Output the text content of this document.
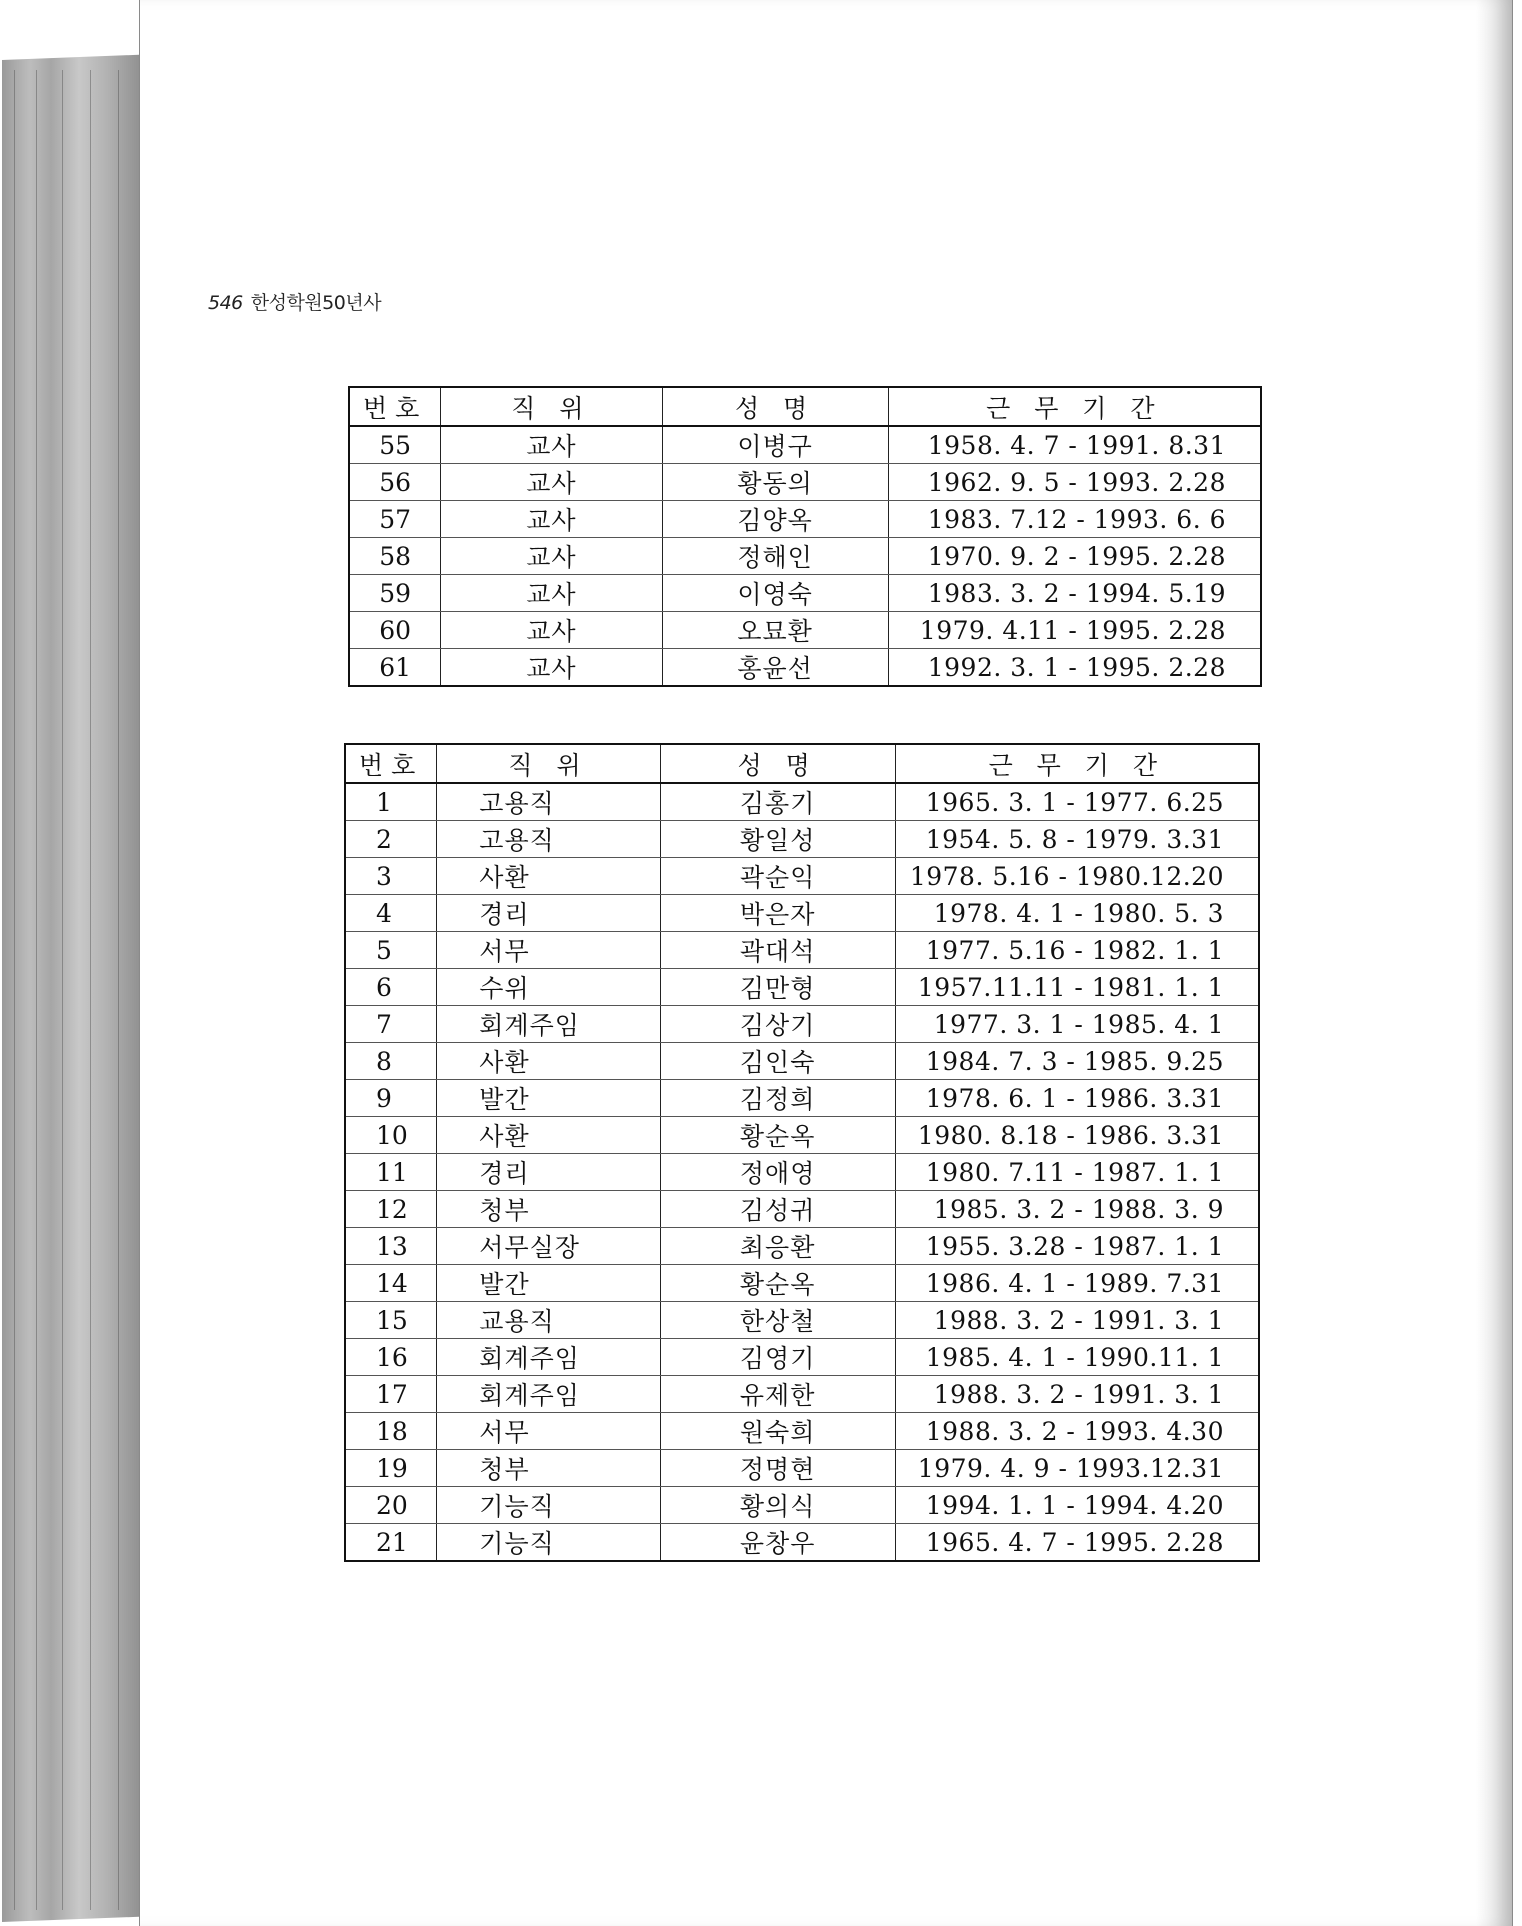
546 한성학원50년사
번호	직 위	성 명	근 무 기 간
55	교사	이병구	1958. 4. 7 - 1991. 8.31
56	교사	황동의	1962. 9. 5 - 1993. 2.28
57	교사	김양옥	1983. 7.12 - 1993. 6. 6
58	교사	정해인	1970. 9. 2 - 1995. 2.28
59	교사	이영숙	1983. 3. 2 - 1994. 5.19
60	교사	오묘환	1979. 4.11 - 1995. 2.28
61	교사	홍윤선	1992. 3. 1 - 1995. 2.28
번호	직 위	성 명	근 무 기 간
1	고용직	김홍기	1965. 3. 1 - 1977. 6.25
2	고용직	황일성	1954. 5. 8 - 1979. 3.31
3	사환	곽순익	1978. 5.16 - 1980.12.20
4	경리	박은자	1978. 4. 1 - 1980. 5. 3
5	서무	곽대석	1977. 5.16 - 1982. 1. 1
6	수위	김만형	1957.11.11 - 1981. 1. 1
7	회계주임	김상기	1977. 3. 1 - 1985. 4. 1
8	사환	김인숙	1984. 7. 3 - 1985. 9.25
9	발간	김정희	1978. 6. 1 - 1986. 3.31
10	사환	황순옥	1980. 8.18 - 1986. 3.31
11	경리	정애영	1980. 7.11 - 1987. 1. 1
12	청부	김성귀	1985. 3. 2 - 1988. 3. 9
13	서무실장	최응환	1955. 3.28 - 1987. 1. 1
14	발간	황순옥	1986. 4. 1 - 1989. 7.31
15	교용직	한상철	1988. 3. 2 - 1991. 3. 1
16	회계주임	김영기	1985. 4. 1 - 1990.11. 1
17	회계주임	유제한	1988. 3. 2 - 1991. 3. 1
18	서무	원숙희	1988. 3. 2 - 1993. 4.30
19	청부	정명현	1979. 4. 9 - 1993.12.31
20	기능직	황의식	1994. 1. 1 - 1994. 4.20
21	기능직	윤창우	1965. 4. 7 - 1995. 2.28
